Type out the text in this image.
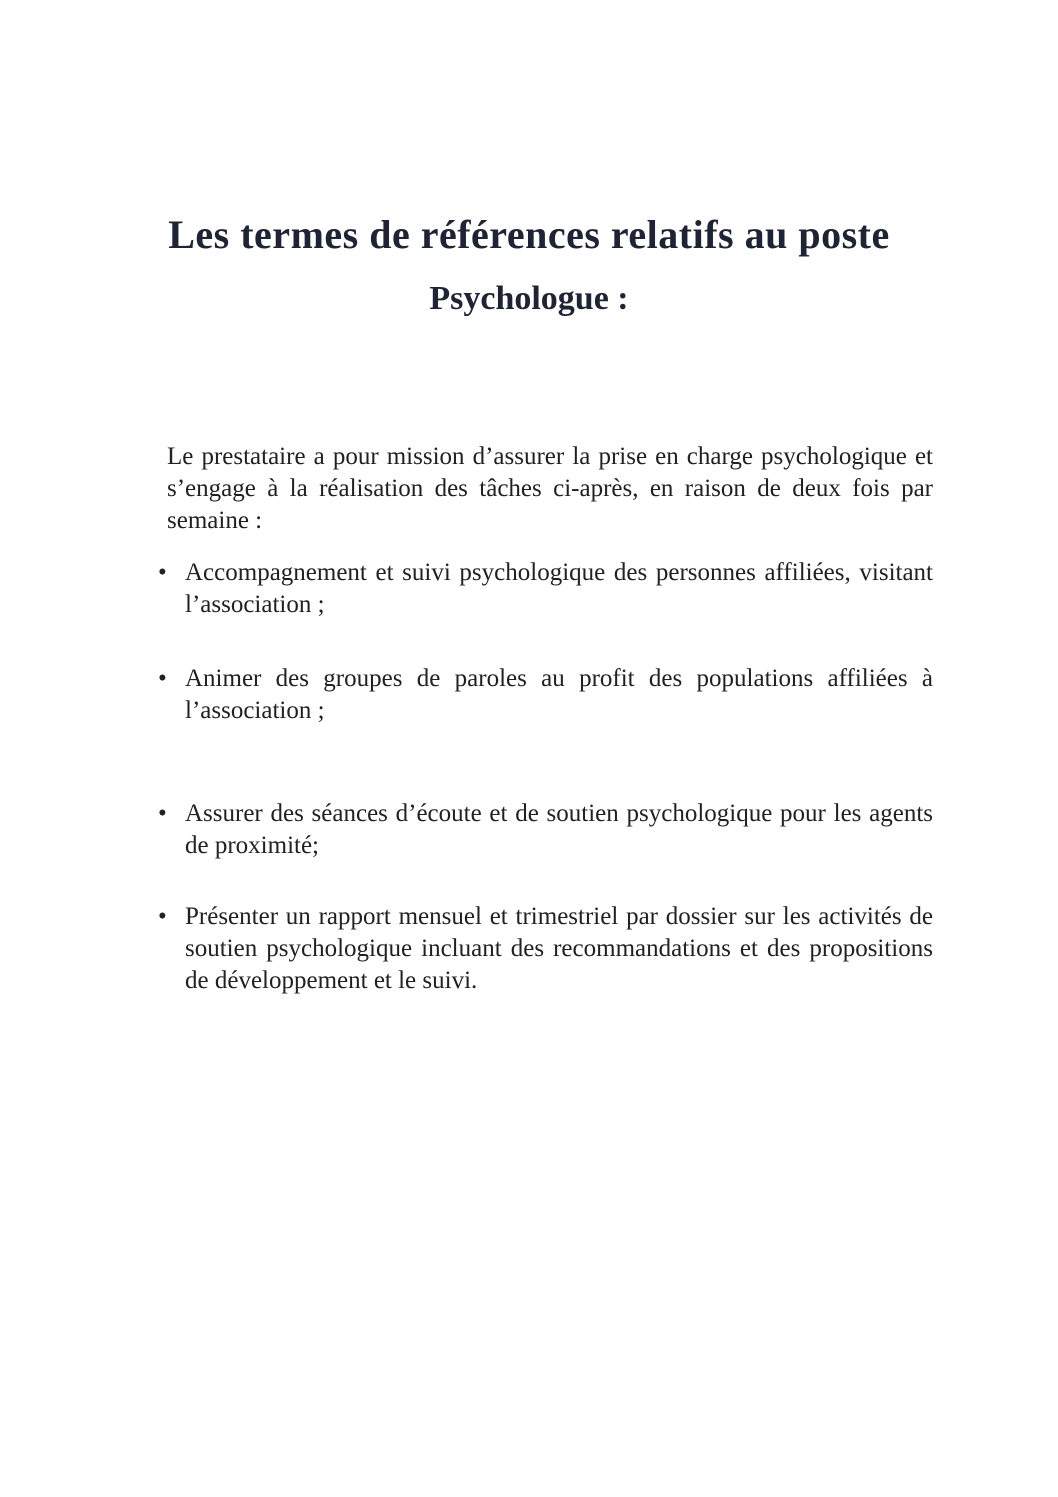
Les termes de références relatifs au poste
Psychologue :

Le prestataire a pour mission d’assurer la prise en charge psychologique et s’engage à la réalisation des tâches ci-après, en raison de deux fois par semaine :

• Accompagnement et suivi psychologique des personnes affiliées, visitant l’association ;
• Animer des groupes de paroles au profit des populations affiliées à l’association ;
• Assurer des séances d’écoute et de soutien psychologique pour les agents de proximité;
• Présenter un rapport mensuel et trimestriel par dossier sur les activités de soutien psychologique incluant des recommandations et des propositions de développement et le suivi.
